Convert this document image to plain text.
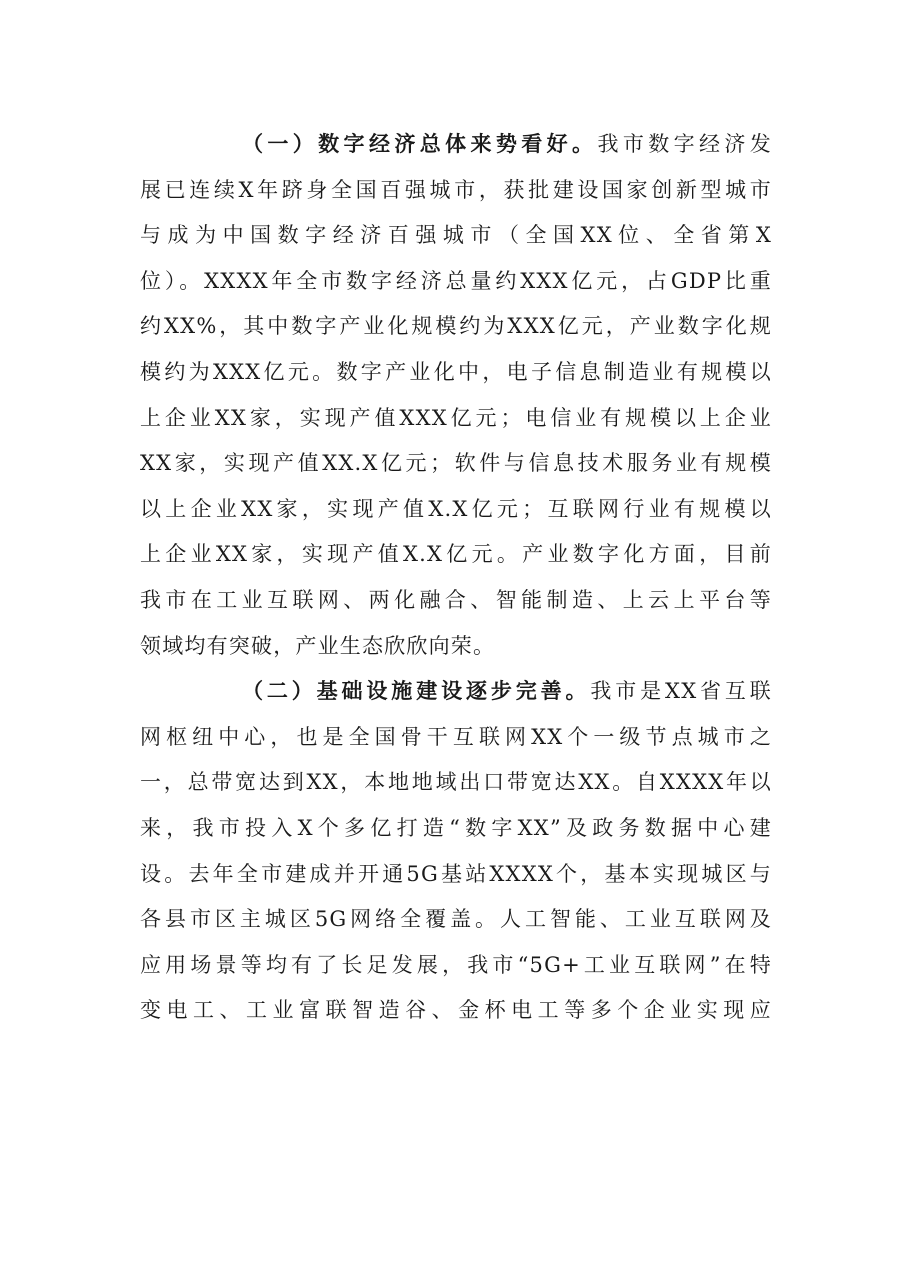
（一）数字经济总体来势看好。我市数字经济发
展已连续X年跻身全国百强城市，获批建设国家创新型城市
与成为中国数字经济百强城市（全国XX位、全省第X
位）。XXXX年全市数字经济总量约XXX亿元，占GDP比重
约XX%，其中数字产业化规模约为XXX亿元，产业数字化规
模约为XXX亿元。数字产业化中，电子信息制造业有规模以
上企业XX家，实现产值XXX亿元；电信业有规模以上企业
XX家，实现产值XX.X亿元；软件与信息技术服务业有规模
以上企业XX家，实现产值X.X亿元；互联网行业有规模以
上企业XX家，实现产值X.X亿元。产业数字化方面，目前
我市在工业互联网、两化融合、智能制造、上云上平台等
领域均有突破，产业生态欣欣向荣。
（二）基础设施建设逐步完善。我市是XX省互联
网枢纽中心，也是全国骨干互联网XX个一级节点城市之
一，总带宽达到XX，本地地域出口带宽达XX。自XXXX年以
来，我市投入X个多亿打造“数字XX”及政务数据中心建
设。去年全市建成并开通5G基站XXXX个，基本实现城区与
各县市区主城区5G网络全覆盖。人工智能、工业互联网及
应用场景等均有了长足发展，我市“5G+工业互联网”在特
变电工、工业富联智造谷、金杯电工等多个企业实现应
